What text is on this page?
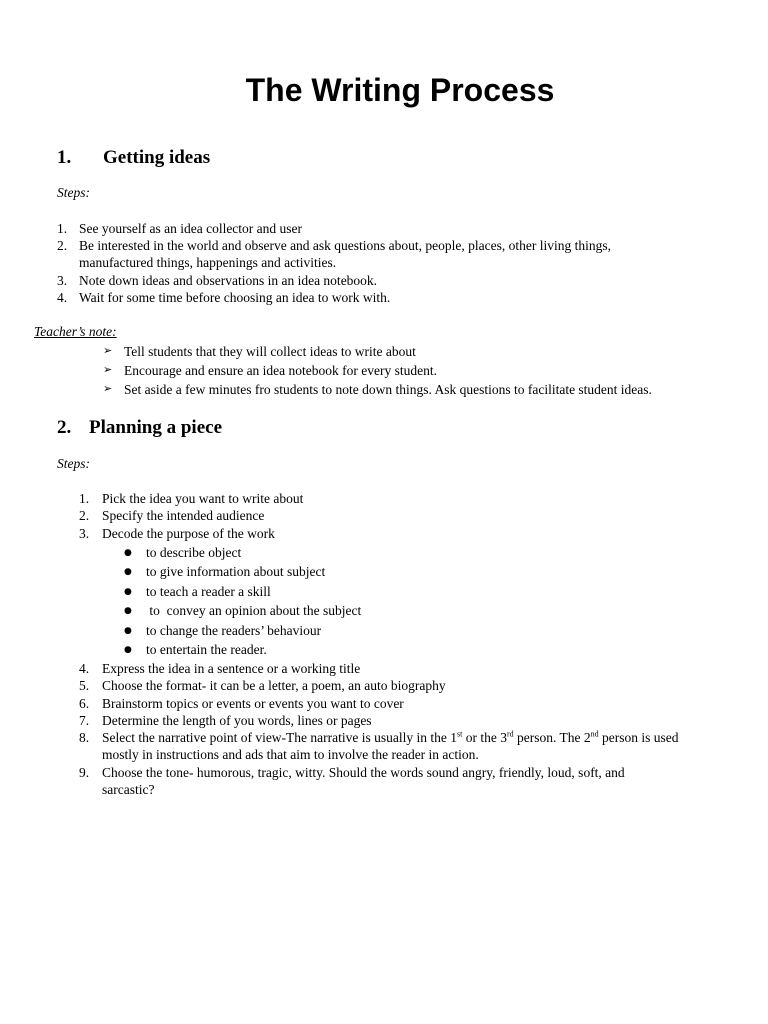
The Writing Process
1. Getting ideas
Steps:
1. See yourself as an idea collector and user
2. Be interested in the world and observe and ask questions about, people, places, other living things,
manufactured things, happenings and activities.
3. Note down ideas and observations in an idea notebook.
4. Wait for some time before choosing an idea to work with.
Teacher’s note:
➢ Tell students that they will collect ideas to write about
➢ Encourage and ensure an idea notebook for every student.
➢ Set aside a few minutes fro students to note down things. Ask questions to facilitate student ideas.
2. Planning a piece
Steps:
1. Pick the idea you want to write about
2. Specify the intended audience
3. Decode the purpose of the work
● to describe object
● to give information about subject
● to teach a reader a skill
● to  convey an opinion about the subject
● to change the readers’ behaviour
● to entertain the reader.
4. Express the idea in a sentence or a working title
5. Choose the format- it can be a letter, a poem, an auto biography
6. Brainstorm topics or events or events you want to cover
7. Determine the length of you words, lines or pages
8. Select the narrative point of view-The narrative is usually in the 1st or the 3rd person. The 2nd person is used
mostly in instructions and ads that aim to involve the reader in action.
9. Choose the tone- humorous, tragic, witty. Should the words sound angry, friendly, loud, soft, and
sarcastic?
